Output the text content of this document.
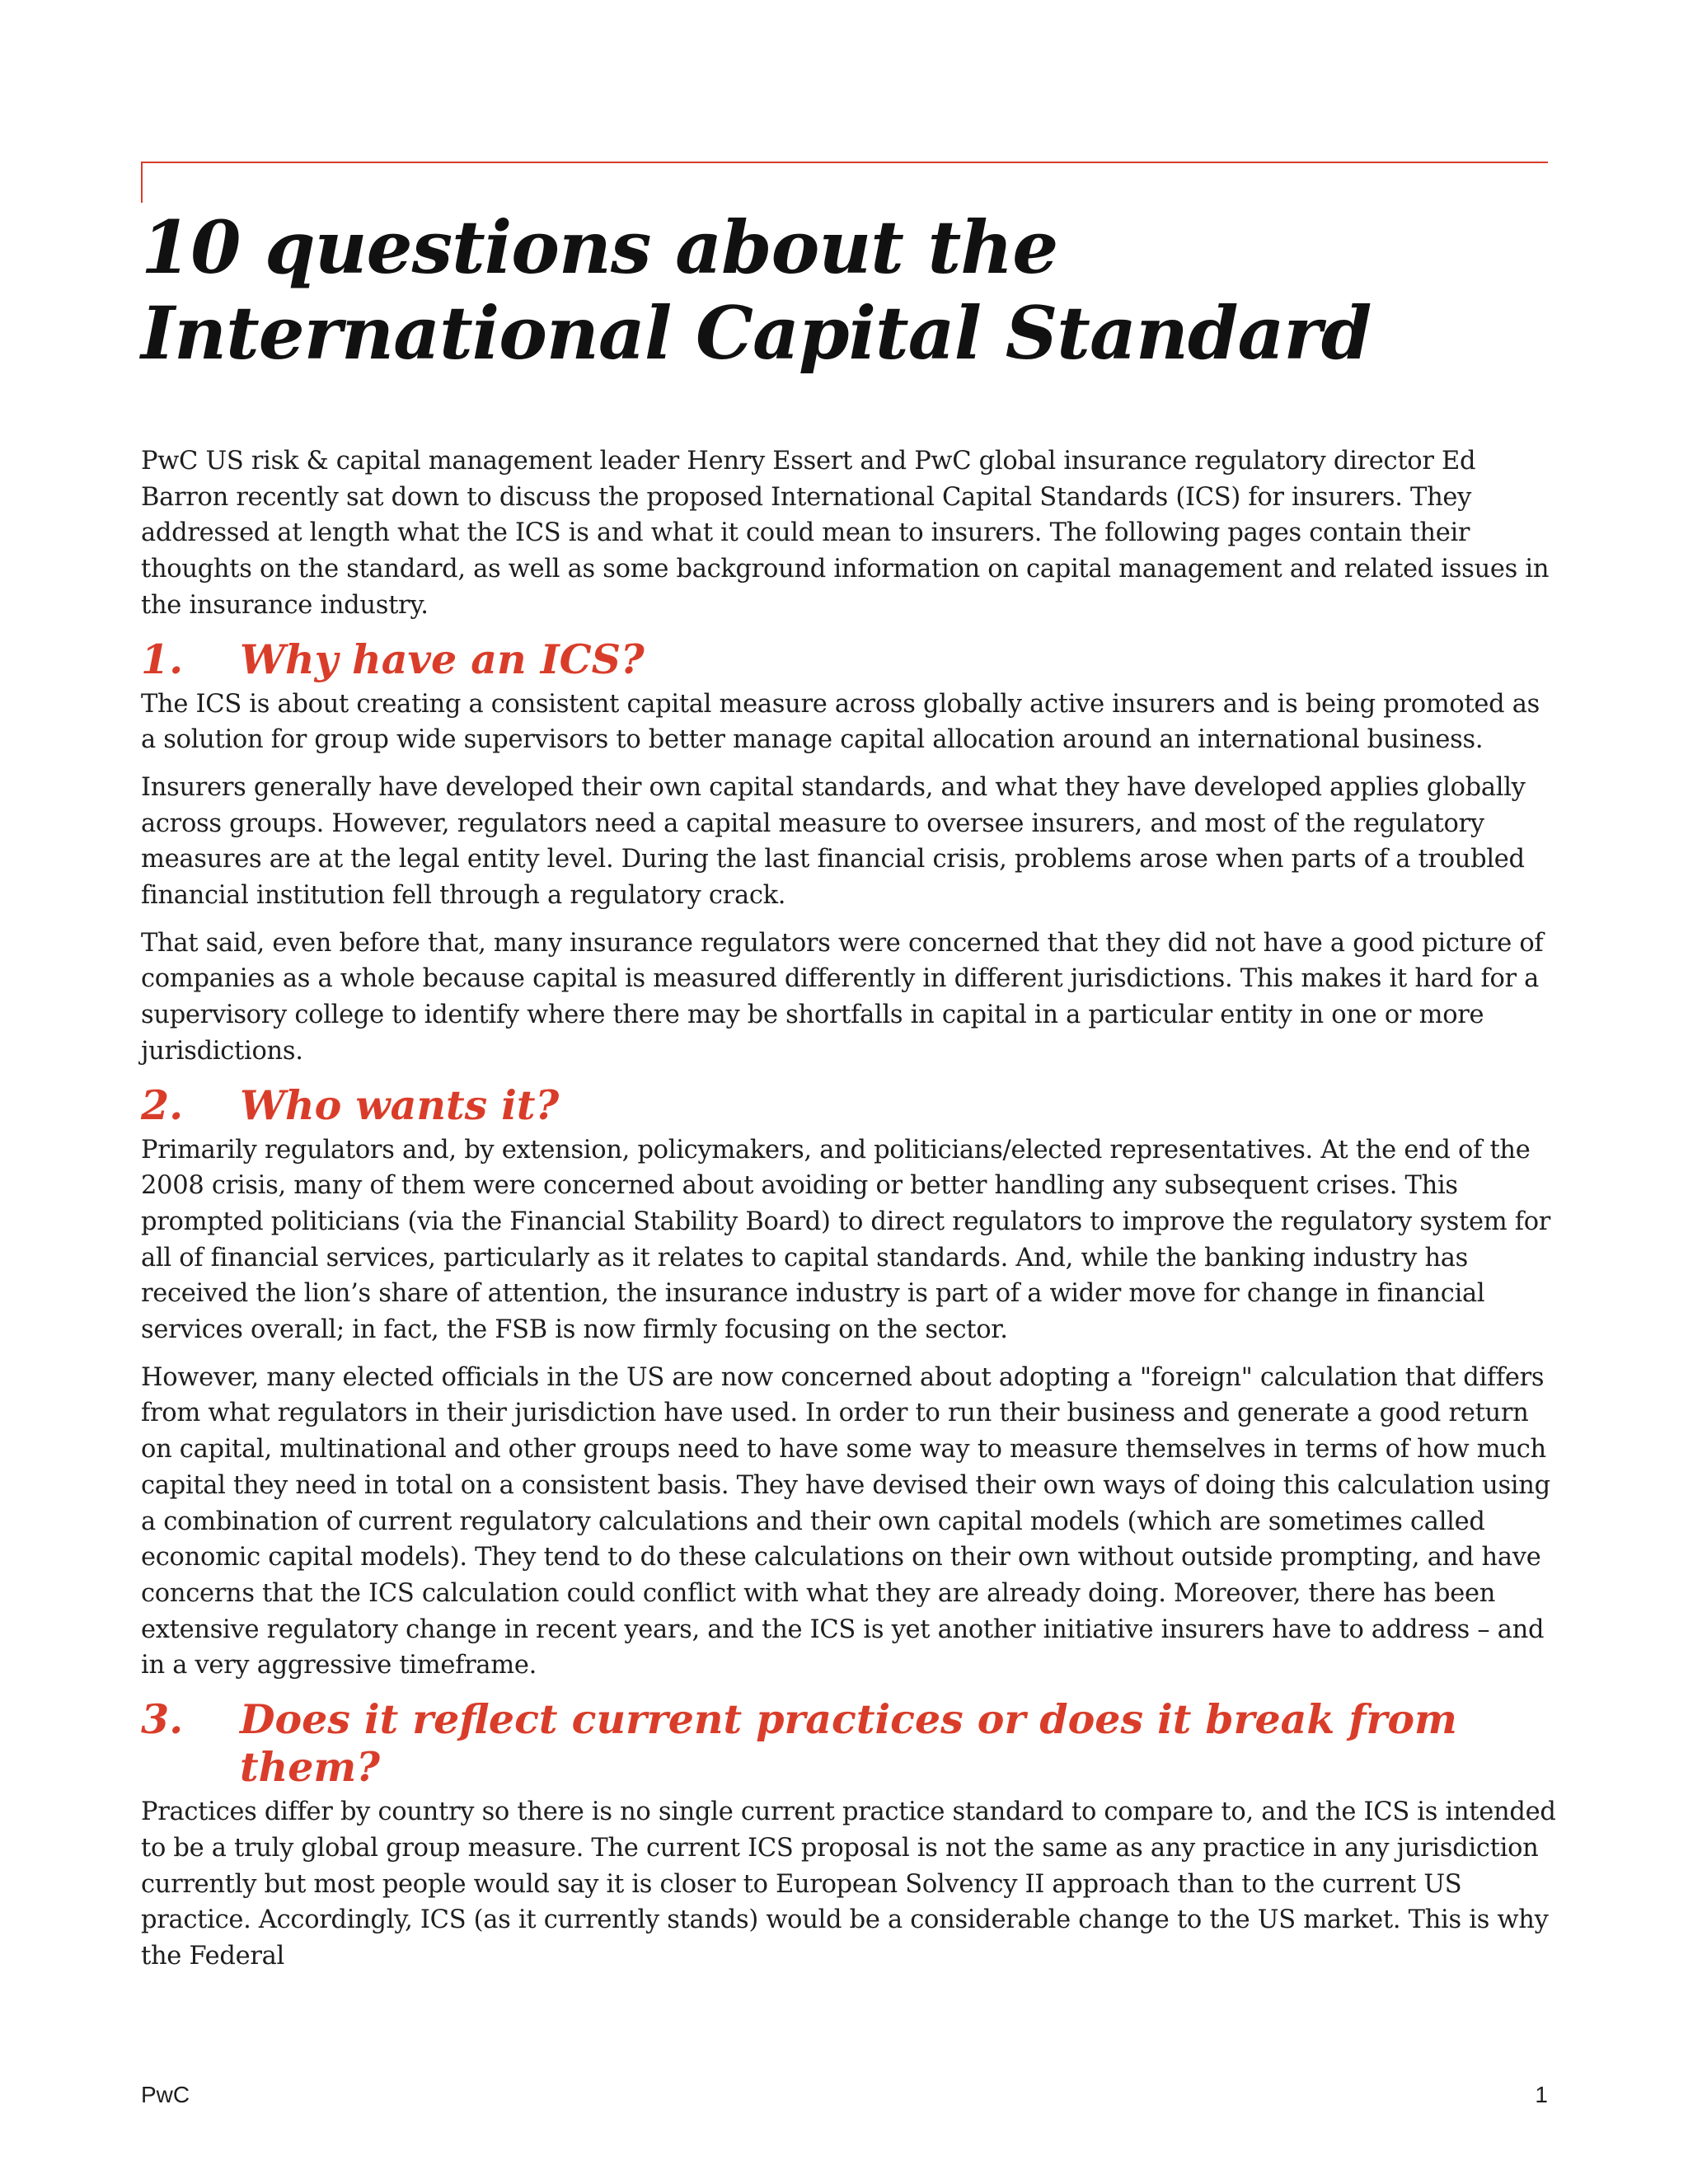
10 questions about the
International Capital Standard

PwC US risk & capital management leader Henry Essert and PwC global insurance regulatory director Ed Barron recently sat down to discuss the proposed International Capital Standards (ICS) for insurers. They addressed at length what the ICS is and what it could mean to insurers. The following pages contain their thoughts on the standard, as well as some background information on capital management and related issues in the insurance industry.

1.	Why have an ICS?

The ICS is about creating a consistent capital measure across globally active insurers and is being promoted as a solution for group wide supervisors to better manage capital allocation around an international business.

Insurers generally have developed their own capital standards, and what they have developed applies globally across groups. However, regulators need a capital measure to oversee insurers, and most of the regulatory measures are at the legal entity level. During the last financial crisis, problems arose when parts of a troubled financial institution fell through a regulatory crack.

That said, even before that, many insurance regulators were concerned that they did not have a good picture of companies as a whole because capital is measured differently in different jurisdictions. This makes it hard for a supervisory college to identify where there may be shortfalls in capital in a particular entity in one or more jurisdictions.

2.	Who wants it?

Primarily regulators and, by extension, policymakers, and politicians/elected representatives. At the end of the 2008 crisis, many of them were concerned about avoiding or better handling any subsequent crises. This prompted politicians (via the Financial Stability Board) to direct regulators to improve the regulatory system for all of financial services, particularly as it relates to capital standards. And, while the banking industry has received the lion’s share of attention, the insurance industry is part of a wider move for change in financial services overall; in fact, the FSB is now firmly focusing on the sector.

However, many elected officials in the US are now concerned about adopting a "foreign" calculation that differs from what regulators in their jurisdiction have used. In order to run their business and generate a good return on capital, multinational and other groups need to have some way to measure themselves in terms of how much capital they need in total on a consistent basis. They have devised their own ways of doing this calculation using a combination of current regulatory calculations and their own capital models (which are sometimes called economic capital models). They tend to do these calculations on their own without outside prompting, and have concerns that the ICS calculation could conflict with what they are already doing. Moreover, there has been extensive regulatory change in recent years, and the ICS is yet another initiative insurers have to address – and in a very aggressive timeframe.

3.	Does it reflect current practices or does it break from them?

Practices differ by country so there is no single current practice standard to compare to, and the ICS is intended to be a truly global group measure. The current ICS proposal is not the same as any practice in any jurisdiction currently but most people would say it is closer to European Solvency II approach than to the current US practice. Accordingly, ICS (as it currently stands) would be a considerable change to the US market. This is why the Federal

PwC	1
